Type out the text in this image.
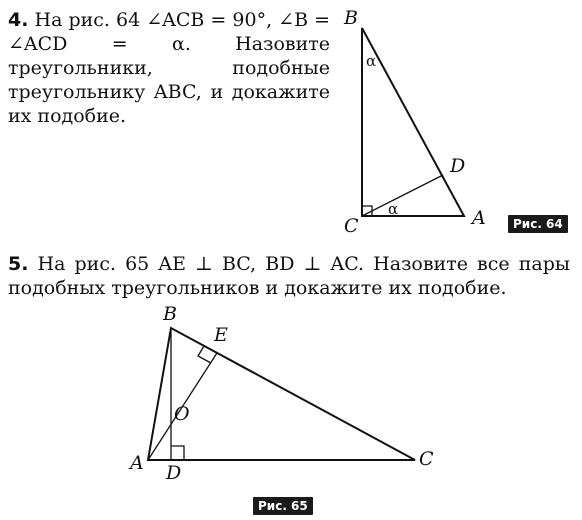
4. На рис. 64 ∠ACB = 90°, ∠B = ∠ACD = α. Назовите треугольники, подобные треугольнику ABC, и докажите их подобие.
B
C	A
D
α
α
Рис. 64
5. На рис. 65 AE ⊥ BC, BD ⊥ AC. Назовите все пары подобных треугольников и докажите их подобие.
B
E
O
A D
C
Рис. 65
